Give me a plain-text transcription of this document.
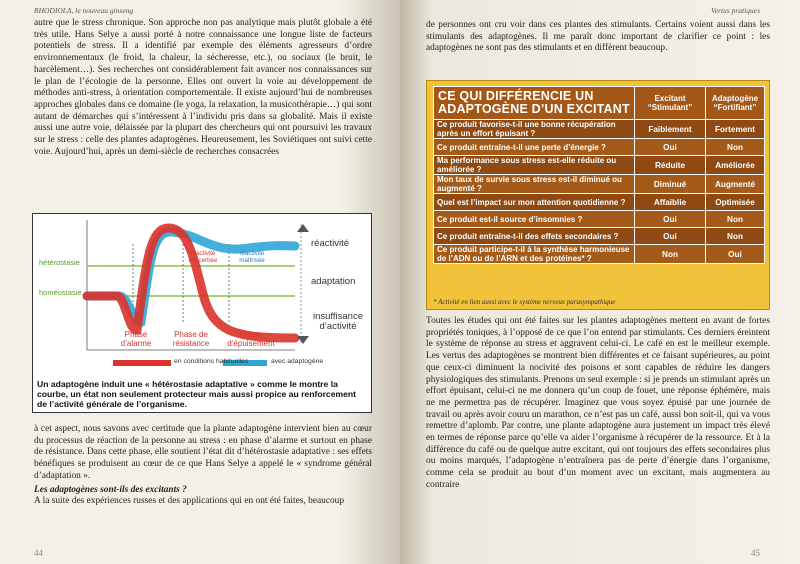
RHODIOLA, le nouveau ginseng

autre que le stress chronique. Son approche non pas analytique mais plutôt globale a été très utile. Hans Selye a aussi porté à notre connaissance une longue liste de facteurs potentiels de stress. Il a identifié par exemple des éléments agresseurs d’ordre environnementaux (le froid, la chaleur, la sécheresse, etc.), ou sociaux (le bruit, le harcèlement…). Ses recherches ont considérablement fait avancer nos connaissances sur le plan de l’écologie de la personne. Elles ont ouvert la voie au développement de méthodes anti-stress, à orientation comportementale. Il existe aujourd’hui de nombreuses approches globales dans ce domaine (le yoga, la relaxation, la musicothérapie…) qui sont autant de démarches qui s’intéressent à l’individu pris dans sa globalité. Mais il existe aussi une autre voie, délaissée par la plupart des chercheurs qui ont poursuivi les travaux sur le stress : celle des plantes adaptogènes. Heureusement, les Soviétiques ont suivi cette voie. Aujourd’hui, après un demi-siècle de recherches consacrées

hétérostasie
homéostasie
réactivité
adaptation
insuffisance d’activité
réactivité exacerbée
réactivité maîtrisée
Phase d’alarme
Phase de résistance
Phase d’épuisement
en conditions habituelles	avec adaptogène
Un adaptogène induit une « hétérostasie adaptative » comme le montre la courbe, un état non seulement protecteur mais aussi propice au renforcement de l’activité générale de l’organisme.

à cet aspect, nous savons avec certitude que la plante adaptogène intervient bien au cœur du processus de réaction de la personne au stress : en phase d’alarme et surtout en phase de résistance. Dans cette phase, elle soutient l’état dit d’hétérostasie adaptative : ses effets bénéfiques se produisent au cœur de ce que Hans Selye a appelé le « syndrome général d’adaptation ».

Les adaptogènes sont-ils des excitants ?

A la suite des expériences russes et des applications qui en ont été faites, beaucoup

44
Vertus pratiques
de personnes ont cru voir dans ces plantes des stimulants. Certains voient aussi dans les stimulants des adaptogènes. Il me paraît donc important de clarifier ce point : les adaptogènes ne sont pas des stimulants et en diffèrent beaucoup.
CE QUI DIFFÉRENCIE UN ADAPTOGÈNE D’UN EXCITANT	Excitant “Stimulant”	Adaptogène “Fortifiant”
Ce produit favorise-t-il une bonne récupération après un effort épuisant ?	Faiblement	Fortement
Ce produit entraîne-t-il une perte d’énergie ?	Oui	Non
Ma performance sous stress est-elle réduite ou améliorée ?	Réduite	Améliorée
Mon taux de survie sous stress est-il diminué ou augmenté ?	Diminué	Augmenté
Quel est l’impact sur mon attention quotidienne ?	Affaiblie	Optimisée
Ce produit est-il source d’insomnies ?	Oui	Non
Ce produit entraîne-t-il des effets secondaires ?	Oui	Non
Ce produit participe-t-il à la synthèse harmonieuse de l’ADN ou de l’ARN et des protéines* ?	Non	Oui
* Activité en lien aussi avec le système nerveux parasympathique
Toutes les études qui ont été faites sur les plantes adaptogènes mettent en avant de fortes propriétés toniques, à l’opposé de ce que l’on entend par stimulants. Ces derniers éreintent le système de réponse au stress et aggravent celui-ci. Le café en est le meilleur exemple. Les vertus des adaptogènes se montrent bien différentes et ce faisant supérieures, au point que ceux-ci diminuent la nocivité des poisons et sont capables de réduire les dangers physiologiques des stimulants. Prenons un seul exemple : si je prends un stimulant après un effort épuisant, celui-ci ne me donnera qu’un coup de fouet, une réponse éphémère, mais ne me permettra pas de récupérer. Imaginez que vous soyez épuisé par une journée de travail ou après avoir couru un marathon, ce n’est pas un café, aussi bon soit-il, qui va vous remettre d’aplomb. Par contre, une plante adaptogène aura justement un impact très élevé en termes de réponse parce qu’elle va aider l’organisme à récupérer de la ressource. Et à la différence du café ou de quelque autre excitant, qui ont toujours des effets secondaires plus ou moins marqués, l’adaptogène n’entraînera pas de perte d’énergie dans l’organisme, comme cela se produit au bout d’un moment avec un excitant, mais augmentera au contraire
45
